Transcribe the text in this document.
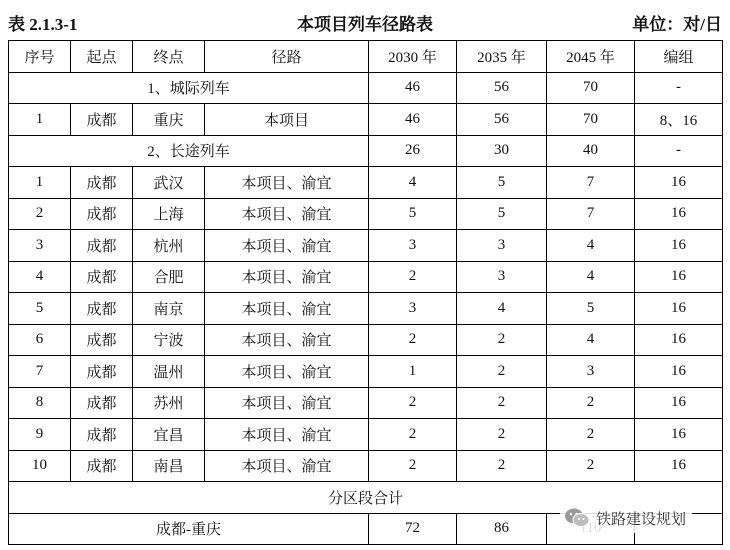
表 2.1.3-1	本项目列车径路表	单位：对/日
序号	起点	终点	径路	2030 年	2035 年	2045 年	编组
1、城际列车				46	56	70	-
1	成都	重庆	本项目	46	56	70	8、16
2、长途列车				26	30	40	-
1	成都	武汉	本项目、渝宜	4	5	7	16
2	成都	上海	本项目、渝宜	5	5	7	16
3	成都	杭州	本项目、渝宜	3	3	4	16
4	成都	合肥	本项目、渝宜	2	3	4	16
5	成都	南京	本项目、渝宜	3	4	5	16
6	成都	宁波	本项目、渝宜	2	2	4	16
7	成都	温州	本项目、渝宜	1	2	3	16
8	成都	苏州	本项目、渝宜	2	2	2	16
9	成都	宜昌	本项目、渝宜	2	2	2	16
10	成都	南昌	本项目、渝宜	2	2	2	16
分区段合计							
成都-重庆				72	86		
铁路建设规划
